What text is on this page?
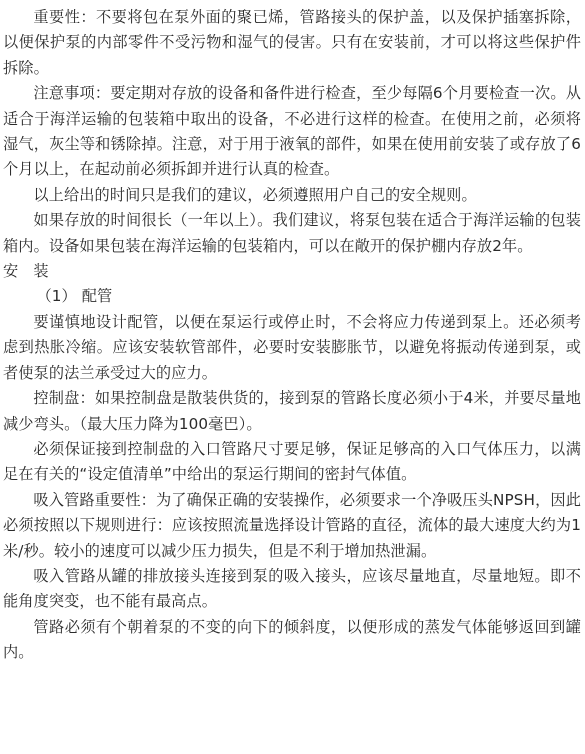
重要性：不要将包在泵外面的聚已烯，管路接头的保护盖，以及保护插塞拆除，以便保护泵的内部零件不受污物和湿气的侵害。只有在安装前，才可以将这些保护件拆除。

注意事项：要定期对存放的设备和备件进行检查，至少每隔6个月要检查一次。从适合于海洋运输的包装箱中取出的设备，不必进行这样的检查。在使用之前，必须将湿气，灰尘等和锈除掉。注意，对于用于液氧的部件，如果在使用前安装了或存放了6个月以上，在起动前必须拆卸并进行认真的检查。

以上给出的时间只是我们的建议，必须遵照用户自己的安全规则。

如果存放的时间很长（一年以上）。我们建议，将泵包装在适合于海洋运输的包装箱内。设备如果包装在海洋运输的包装箱内，可以在敞开的保护棚内存放2年。

安　装

（1） 配管

要谨慎地设计配管，以便在泵运行或停止时，不会将应力传递到泵上。还必须考虑到热胀冷缩。应该安装软管部件，必要时安装膨胀节，以避免将振动传递到泵，或者使泵的法兰承受过大的应力。

控制盘：如果控制盘是散装供货的，接到泵的管路长度必须小于4米，并要尽量地减少弯头。（最大压力降为100毫巴）。

必须保证接到控制盘的入口管路尺寸要足够，保证足够高的入口气体压力，以满足在有关的“设定值清单”中给出的泵运行期间的密封气体值。

吸入管路重要性：为了确保正确的安装操作，必须要求一个净吸压头NPSH，因此必须按照以下规则进行：应该按照流量选择设计管路的直径，流体的最大速度大约为1米/秒。较小的速度可以减少压力损失，但是不利于增加热泄漏。

吸入管路从罐的排放接头连接到泵的吸入接头，应该尽量地直，尽量地短。即不能角度突变，也不能有最高点。

管路必须有个朝着泵的不变的向下的倾斜度，以便形成的蒸发气体能够返回到罐内。
